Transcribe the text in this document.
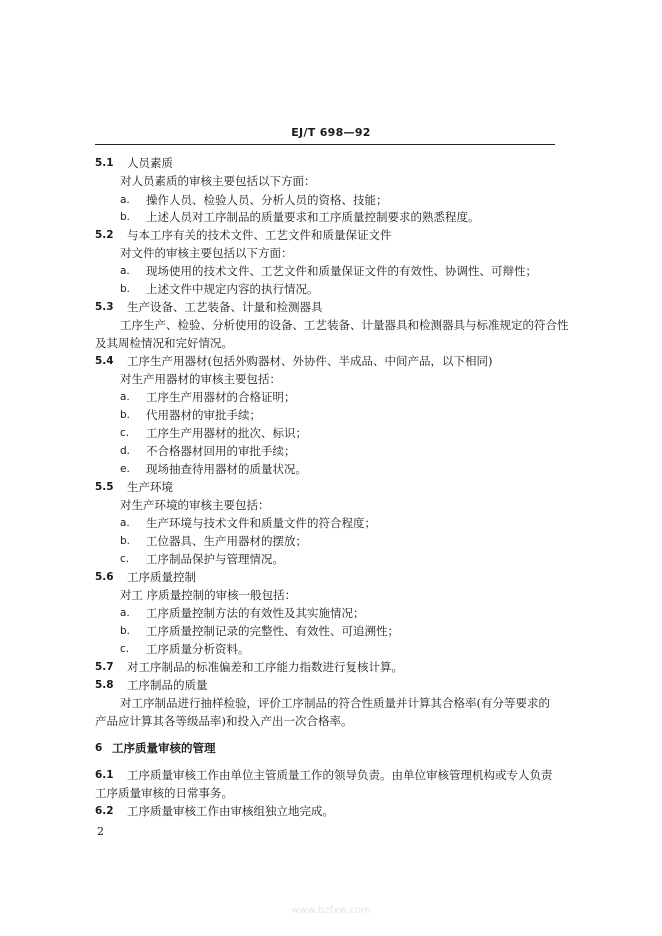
EJ/T 698—92
5.1 人员素质
对人员素质的审核主要包括以下方面：
a. 操作人员、检验人员、分析人员的资格、技能；
b. 上述人员对工序制品的质量要求和工序质量控制要求的熟悉程度。
5.2 与本工序有关的技术文件、工艺文件和质量保证文件
对文件的审核主要包括以下方面：
a. 现场使用的技术文件、工艺文件和质量保证文件的有效性、协调性、可辩性；
b. 上述文件中规定内容的执行情况。
5.3 生产设备、工艺装备、计量和检测器具
工序生产、检验、分析使用的设备、工艺装备、计量器具和检测器具与标准规定的符合性
及其周检情况和完好情况。
5.4 工序生产用器材(包括外购器材、外协件、半成品、中间产品，以下相同)
对生产用器材的审核主要包括：
a. 工序生产用器材的合格证明；
b. 代用器材的审批手续；
c. 工序生产用器材的批次、标识；
d. 不合格器材回用的审批手续；
e. 现场抽查待用器材的质量状况。
5.5 生产环境
对生产环境的审核主要包括：
a. 生产环境与技术文件和质量文件的符合程度；
b. 工位器具、生产用器材的摆放；
c. 工序制品保护与管理情况。
5.6 工序质量控制
对工 序质量控制的审核一般包括：
a. 工序质量控制方法的有效性及其实施情况；
b. 工序质量控制记录的完整性、有效性、可追溯性；
c. 工序质量分析资料。
5.7 对工序制品的标准偏差和工序能力指数进行复核计算。
5.8 工序制品的质量
对工序制品进行抽样检验，评价工序制品的符合性质量并计算其合格率(有分等要求的
产品应计算其各等级品率)和投入产出一次合格率。
6 工序质量审核的管理
6.1 工序质量审核工作由单位主管质量工作的领导负责。由单位审核管理机构或专人负责
工序质量审核的日常事务。
6.2 工序质量审核工作由审核组独立地完成。
2
www.bzfxw.com
